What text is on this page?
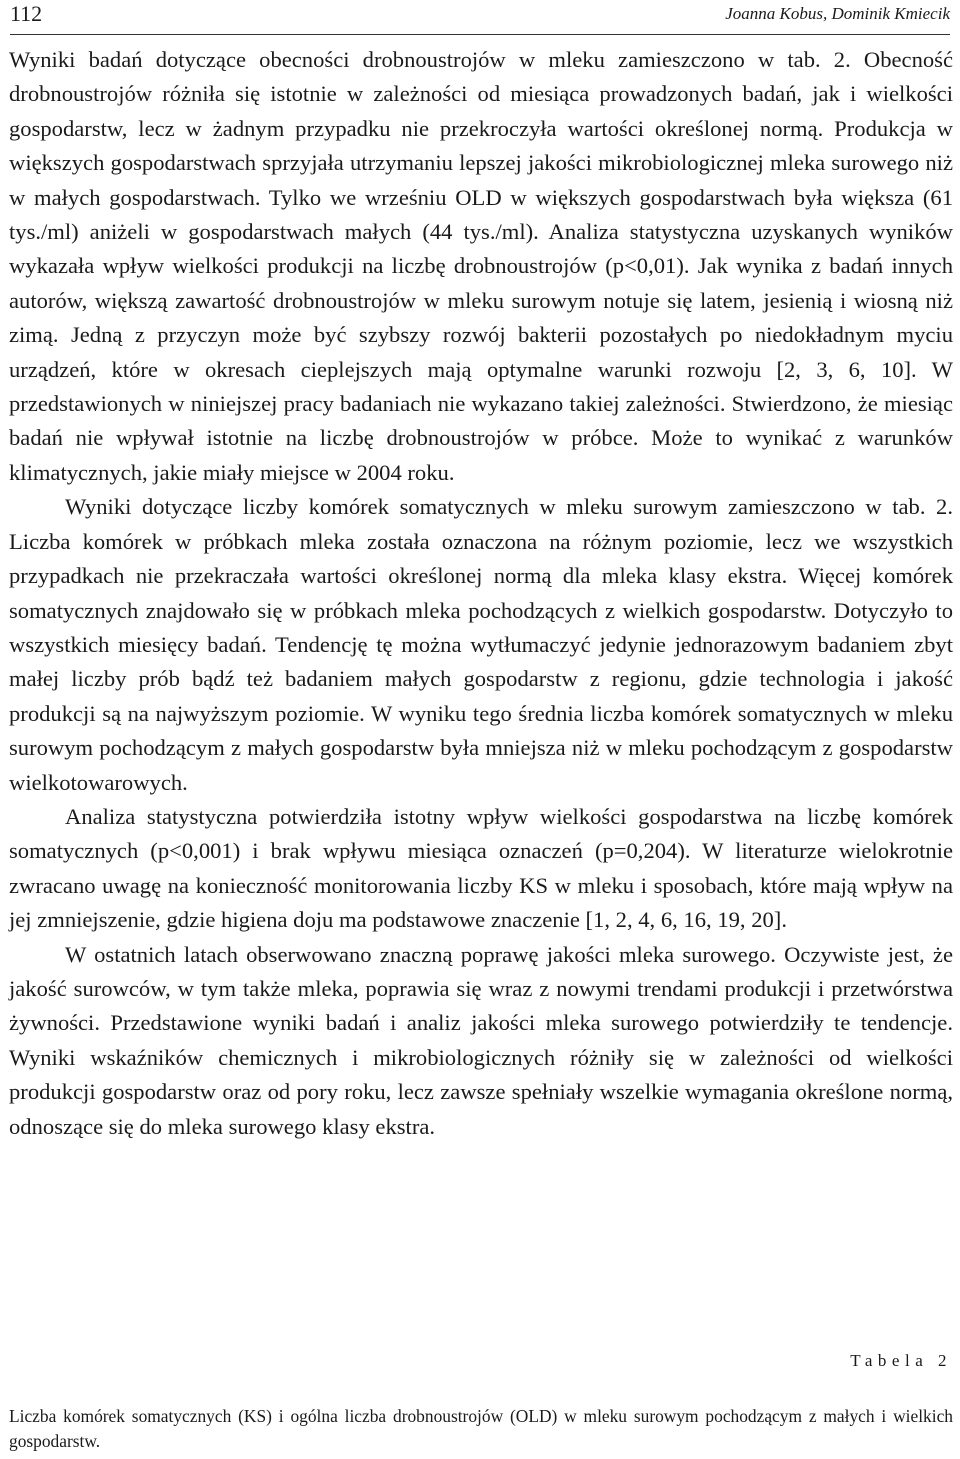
112	Joanna Kobus, Dominik Kmiecik

Wyniki badań dotyczące obecności drobnoustrojów w mleku zamieszczono w tab. 2. Obecność drobnoustrojów różniła się istotnie w zależności od miesiąca prowadzonych badań, jak i wielkości gospodarstw, lecz w żadnym przypadku nie przekroczyła wartości określonej normą. Produkcja w większych gospodarstwach sprzyjała utrzymaniu lepszej jakości mikrobiologicznej mleka surowego niż w małych gospodarstwach. Tylko we wrześniu OLD w większych gospodarstwach była większa (61 tys./ml) aniżeli w gospodarstwach małych (44 tys./ml). Analiza statystyczna uzyskanych wyników wykazała wpływ wielkości produkcji na liczbę drobnoustrojów (p<0,01). Jak wynika z badań innych autorów, większą zawartość drobnoustrojów w mleku surowym notuje się latem, jesienią i wiosną niż zimą. Jedną z przyczyn może być szybszy rozwój bakterii pozostałych po niedokładnym myciu urządzeń, które w okresach cieplejszych mają optymalne warunki rozwoju [2, 3, 6, 10]. W przedstawionych w niniejszej pracy badaniach nie wykazano takiej zależności. Stwierdzono, że miesiąc badań nie wpływał istotnie na liczbę drobnoustrojów w próbce. Może to wynikać z warunków klimatycznych, jakie miały miejsce w 2004 roku.

Wyniki dotyczące liczby komórek somatycznych w mleku surowym zamieszczono w tab. 2. Liczba komórek w próbkach mleka została oznaczona na różnym poziomie, lecz we wszystkich przypadkach nie przekraczała wartości określonej normą dla mleka klasy ekstra. Więcej komórek somatycznych znajdowało się w próbkach mleka pochodzących z wielkich gospodarstw. Dotyczyło to wszystkich miesięcy badań. Tendencję tę można wytłumaczyć jedynie jednorazowym badaniem zbyt małej liczby prób bądź też badaniem małych gospodarstw z regionu, gdzie technologia i jakość produkcji są na najwyższym poziomie. W wyniku tego średnia liczba komórek somatycznych w mleku surowym pochodzącym z małych gospodarstw była mniejsza niż w mleku pochodzącym z gospodarstw wielkotowarowych.

Analiza statystyczna potwierdziła istotny wpływ wielkości gospodarstwa na liczbę komórek somatycznych (p<0,001) i brak wpływu miesiąca oznaczeń (p=0,204). W literaturze wielokrotnie zwracano uwagę na konieczność monitorowania liczby KS w mleku i sposobach, które mają wpływ na jej zmniejszenie, gdzie higiena doju ma podstawowe znaczenie [1, 2, 4, 6, 16, 19, 20].

W ostatnich latach obserwowano znaczną poprawę jakości mleka surowego. Oczywiste jest, że jakość surowców, w tym także mleka, poprawia się wraz z nowymi trendami produkcji i przetwórstwa żywności. Przedstawione wyniki badań i analiz jakości mleka surowego potwierdziły te tendencje. Wyniki wskaźników chemicznych i mikrobiologicznych różniły się w zależności od wielkości produkcji gospodarstw oraz od pory roku, lecz zawsze spełniały wszelkie wymagania określone normą, odnoszące się do mleka surowego klasy ekstra.

Tabela 2

Liczba komórek somatycznych (KS) i ogólna liczba drobnoustrojów (OLD) w mleku surowym pochodzącym z małych i wielkich gospodarstw.
